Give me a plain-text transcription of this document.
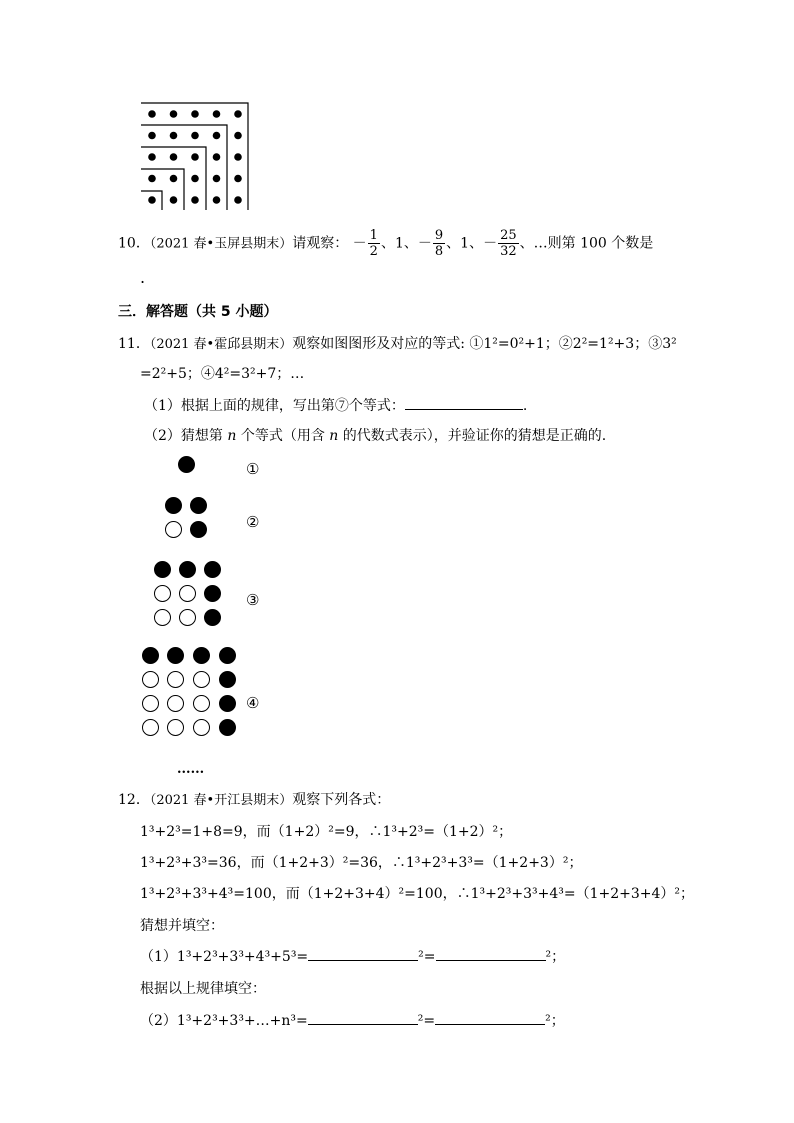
10．（2021 春•玉屏县期末）请观察： － $\frac{1}{2}$ 、1、－ $\frac{9}{8}$ 、1、－ $\frac{25}{32}$ 、…则第 100 个数是
.
三．解答题（共 5 小题）
11．（2021 春•霍邱县期末）观察如图图形及对应的等式: ①1²=0²+1；②2²=1²+3；③3²
=2²+5；④4²=3²+7；…
（1）根据上面的规律，写出第⑦个等式：	.
（2）猜想第 n 个等式（用含 n 的代数式表示），并验证你的猜想是正确的.
①
②
③
④
......
12．（2021 春•开江县期末）观察下列各式：
1³+2³=1+8=9，而（1+2）²=9，∴1³+2³=（1+2）²；
1³+2³+3³=36，而（1+2+3）²=36，∴1³+2³+3³=（1+2+3）²；
1³+2³+3³+4³=100，而（1+2+3+4）²=100，∴1³+2³+3³+4³=（1+2+3+4）²；
猜想并填空：
（1）1³+2³+3³+4³+5³=	²=	²；
根据以上规律填空：
（2）1³+2³+3³+…+n³=	²=	²；
